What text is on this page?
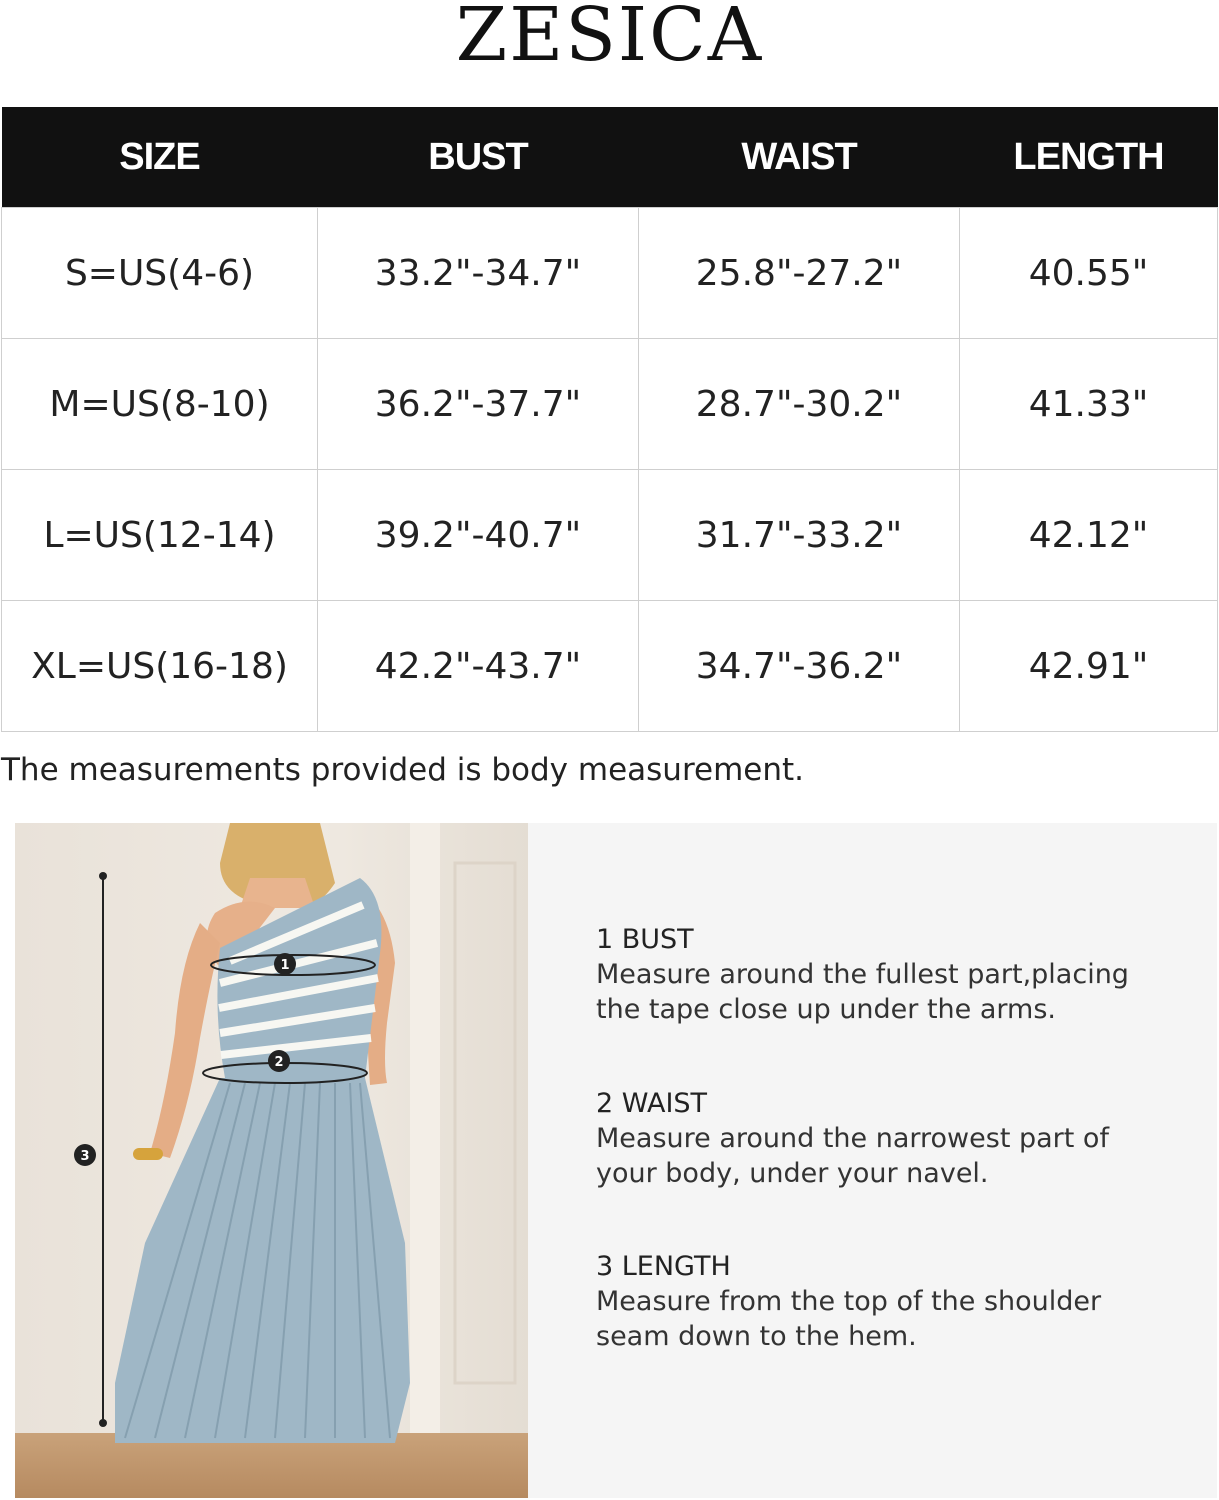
ZESICA
SIZE	BUST	WAIST	LENGTH
S=US(4-6)	33.2"-34.7"	25.8"-27.2"	40.55"
M=US(8-10)	36.2"-37.7"	28.7"-30.2"	41.33"
L=US(12-14)	39.2"-40.7"	31.7"-33.2"	42.12"
XL=US(16-18)	42.2"-43.7"	34.7"-36.2"	42.91"
The measurements provided is body measurement.
1
2
3
1 BUST

Measure around the fullest part,placing
the tape close up under the arms.

2 WAIST

Measure around the narrowest part of
your body, under your navel.

3 LENGTH

Measure from the top of the shoulder
seam down to the hem.
